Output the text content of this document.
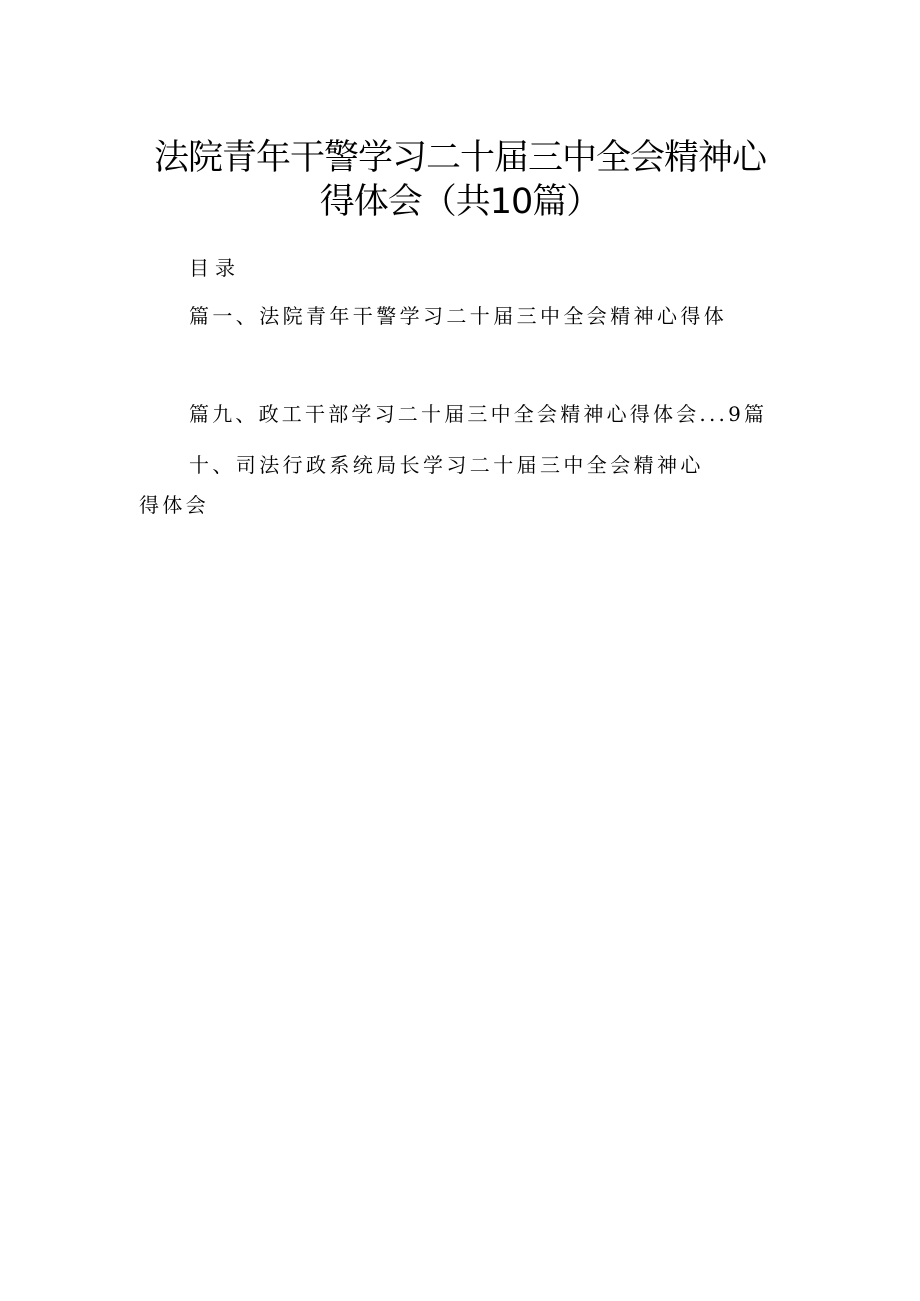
法院青年干警学习二十届三中全会精神心
得体会（共10篇）
目录
篇一、法院青年干警学习二十届三中全会精神心得体
篇九、政工干部学习二十届三中全会精神心得体会...9篇
十、司法行政系统局长学习二十届三中全会精神心
得体会
